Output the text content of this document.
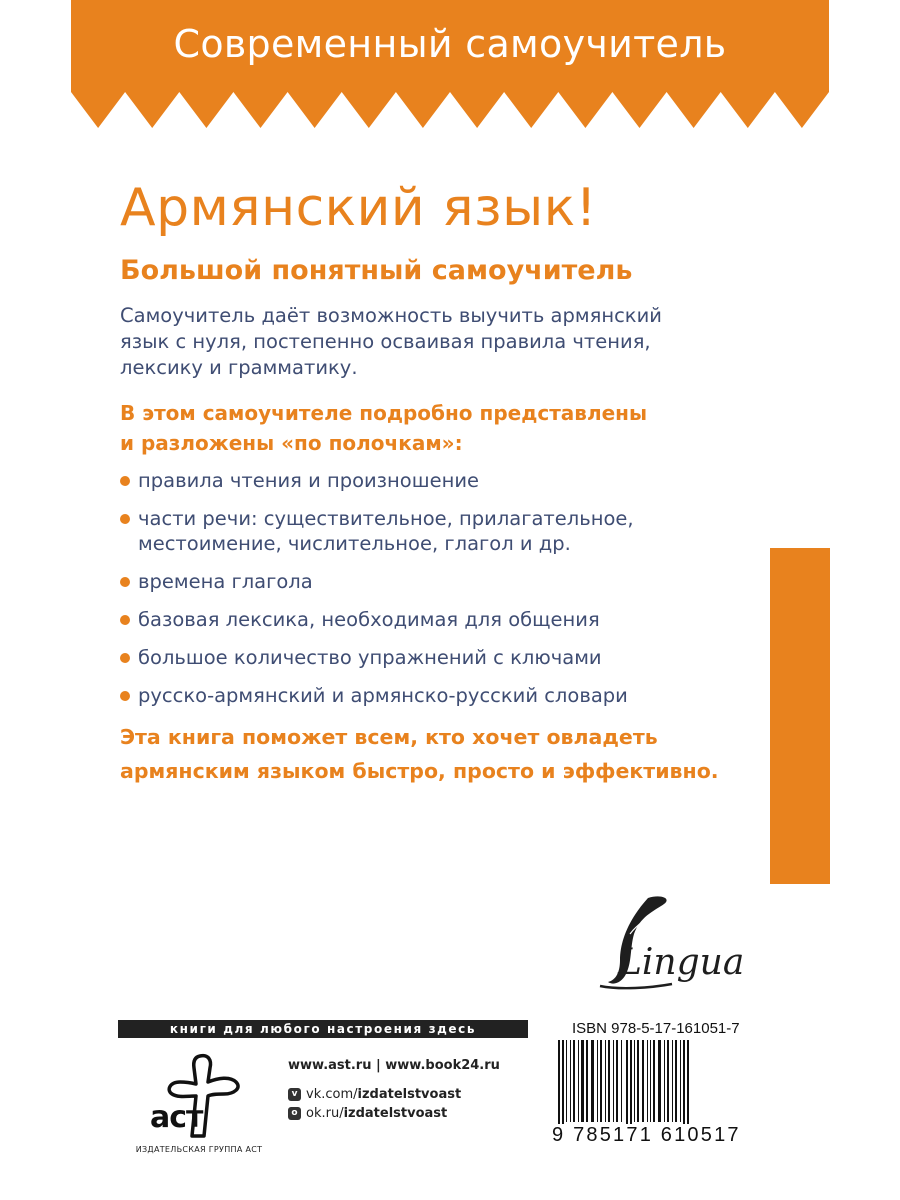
Современный самоучитель
Армянский язык!
Большой понятный самоучитель

Самоучитель даёт возможность выучить армянский
язык с нуля, постепенно осваивая правила чтения,
лексику и грамматику.

В этом самоучителе подробно представлены
и разложены «по полочкам»:

правила чтения и произношение
части речи: существительное, прилагательное,
местоимение, числительное, глагол и др.
времена глагола
базовая лексика, необходимая для общения
большое количество упражнений с ключами
русско-армянский и армянско-русский словари

Эта книга поможет всем, кто хочет овладеть
армянским языком быстро, просто и эффективно.

Lingua
книги для любого настроения здесь
аст
ИЗДАТЕЛЬСКАЯ ГРУППА АСТ
www.ast.ru | www.book24.ru
v vk.com/ izdatelstvoast
o ok.ru/ izdatelstvoast
ISBN 978-5-17-161051-7
9 785171 610517
